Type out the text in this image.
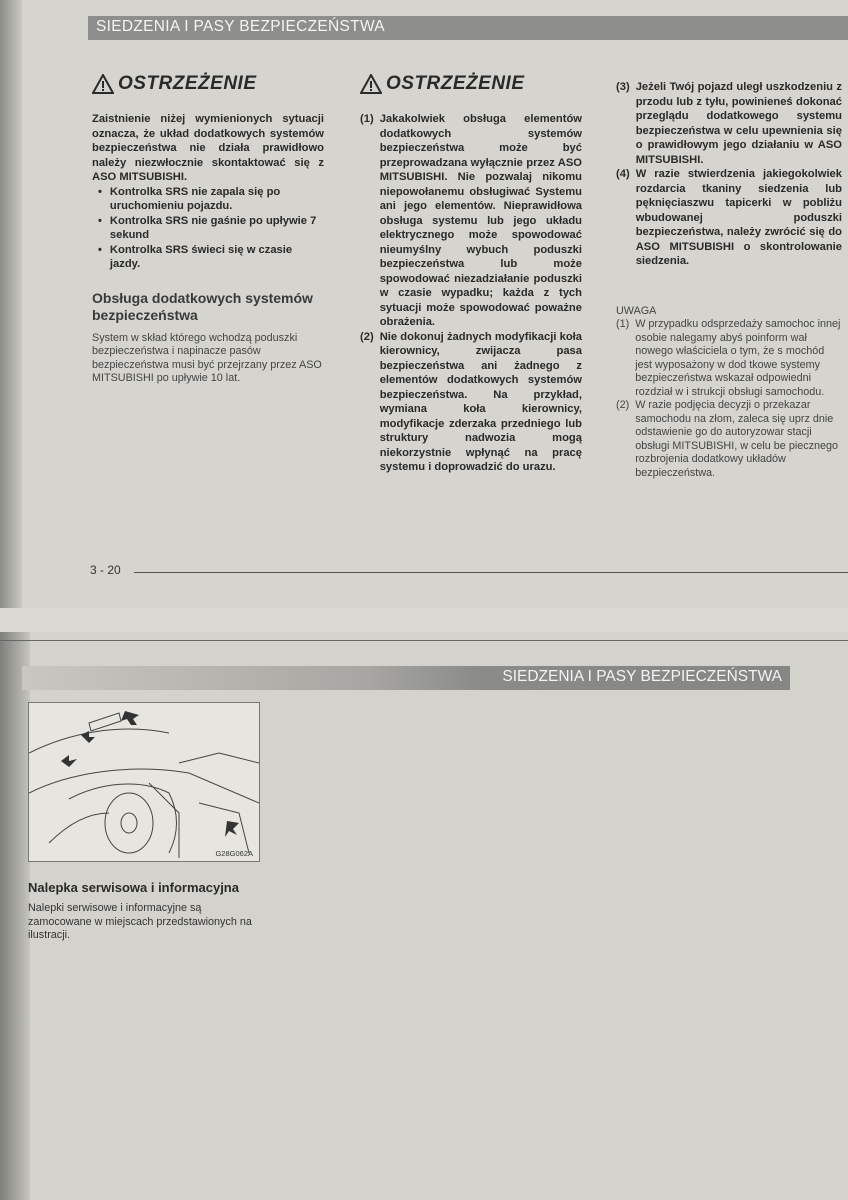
SIEDZENIA I PASY BEZPIECZEŃSTWA
OSTRZEŻENIE
Zaistnienie niżej wymienionych sytuacji oznacza, że układ dodatkowych systemów bezpieczeństwa nie działa prawidłowo należy niezwłocznie skontaktować się z ASO MITSUBISHI.
• Kontrolka SRS nie zapala się po uruchomieniu pojazdu.
• Kontrolka SRS nie gaśnie po upływie 7 sekund
• Kontrolka SRS świeci się w czasie jazdy.
Obsługa dodatkowych systemów bezpieczeństwa
System w skład którego wchodzą poduszki bezpieczeństwa i napinacze pasów bezpieczeństwa musi być przejrzany przez ASO MITSUBISHI po upływie 10 lat.
OSTRZEŻENIE
(1) Jakakolwiek obsługa elementów dodatkowych systemów bezpieczeństwa może być przeprowadzana wyłącznie przez ASO MITSUBISHI. Nie pozwalaj nikomu niepowołanemu obsługiwać Systemu ani jego elementów. Nieprawidłowa obsługa systemu lub jego układu elektrycznego może spowodować nieumyślny wybuch poduszki bezpieczeństwa lub może spowodować niezadziałanie poduszki w czasie wypadku; każda z tych sytuacji może spowodować poważne obrażenia.
(2) Nie dokonuj żadnych modyfikacji koła kierownicy, zwijacza pasa bezpieczeństwa ani żadnego z elementów dodatkowych systemów bezpieczeństwa. Na przykład, wymiana koła kierownicy, modyfikacje zderzaka przedniego lub struktury nadwozia mogą niekorzystnie wpłynąć na pracę systemu i doprowadzić do urazu.
(3) Jeżeli Twój pojazd uległ uszkodzeniu z przodu lub z tyłu, powinieneś dokonać przeglądu dodatkowego systemu bezpieczeństwa w celu upewnienia się o prawidłowym jego działaniu w ASO MITSUBISHI.
(4) W razie stwierdzenia jakiegokolwiek rozdarcia tkaniny siedzenia lub pęknięciaszwu tapicerki w pobliżu wbudowanej poduszki bezpieczeństwa, należy zwrócić się do ASO MITSUBISHI o skontrolowanie siedzenia.
UWAGA
(1) W przypadku odsprzedaży samochoc innej osobie nalegamy abyś poinform wał nowego właściciela o tym, że s mochód jest wyposażony w dod tkowe systemy bezpieczeństwa wskazał odpowiedni rozdział w i strukcji obsługi samochodu.
(2) W razie podjęcia decyzji o przekazar samochodu na złom, zaleca się uprz dnie odstawienie go do autoryzowar stacji obsługi MITSUBISHI, w celu be piecznego rozbrojenia dodatkowy układów bezpieczeństwa.
3 - 20
SIEDZENIA I PASY BEZPIECZEŃSTWA
G28G062A
Nalepka serwisowa i informacyjna
Nalepki serwisowe i informacyjne są zamocowane w miejscach przedstawionych na ilustracji.
